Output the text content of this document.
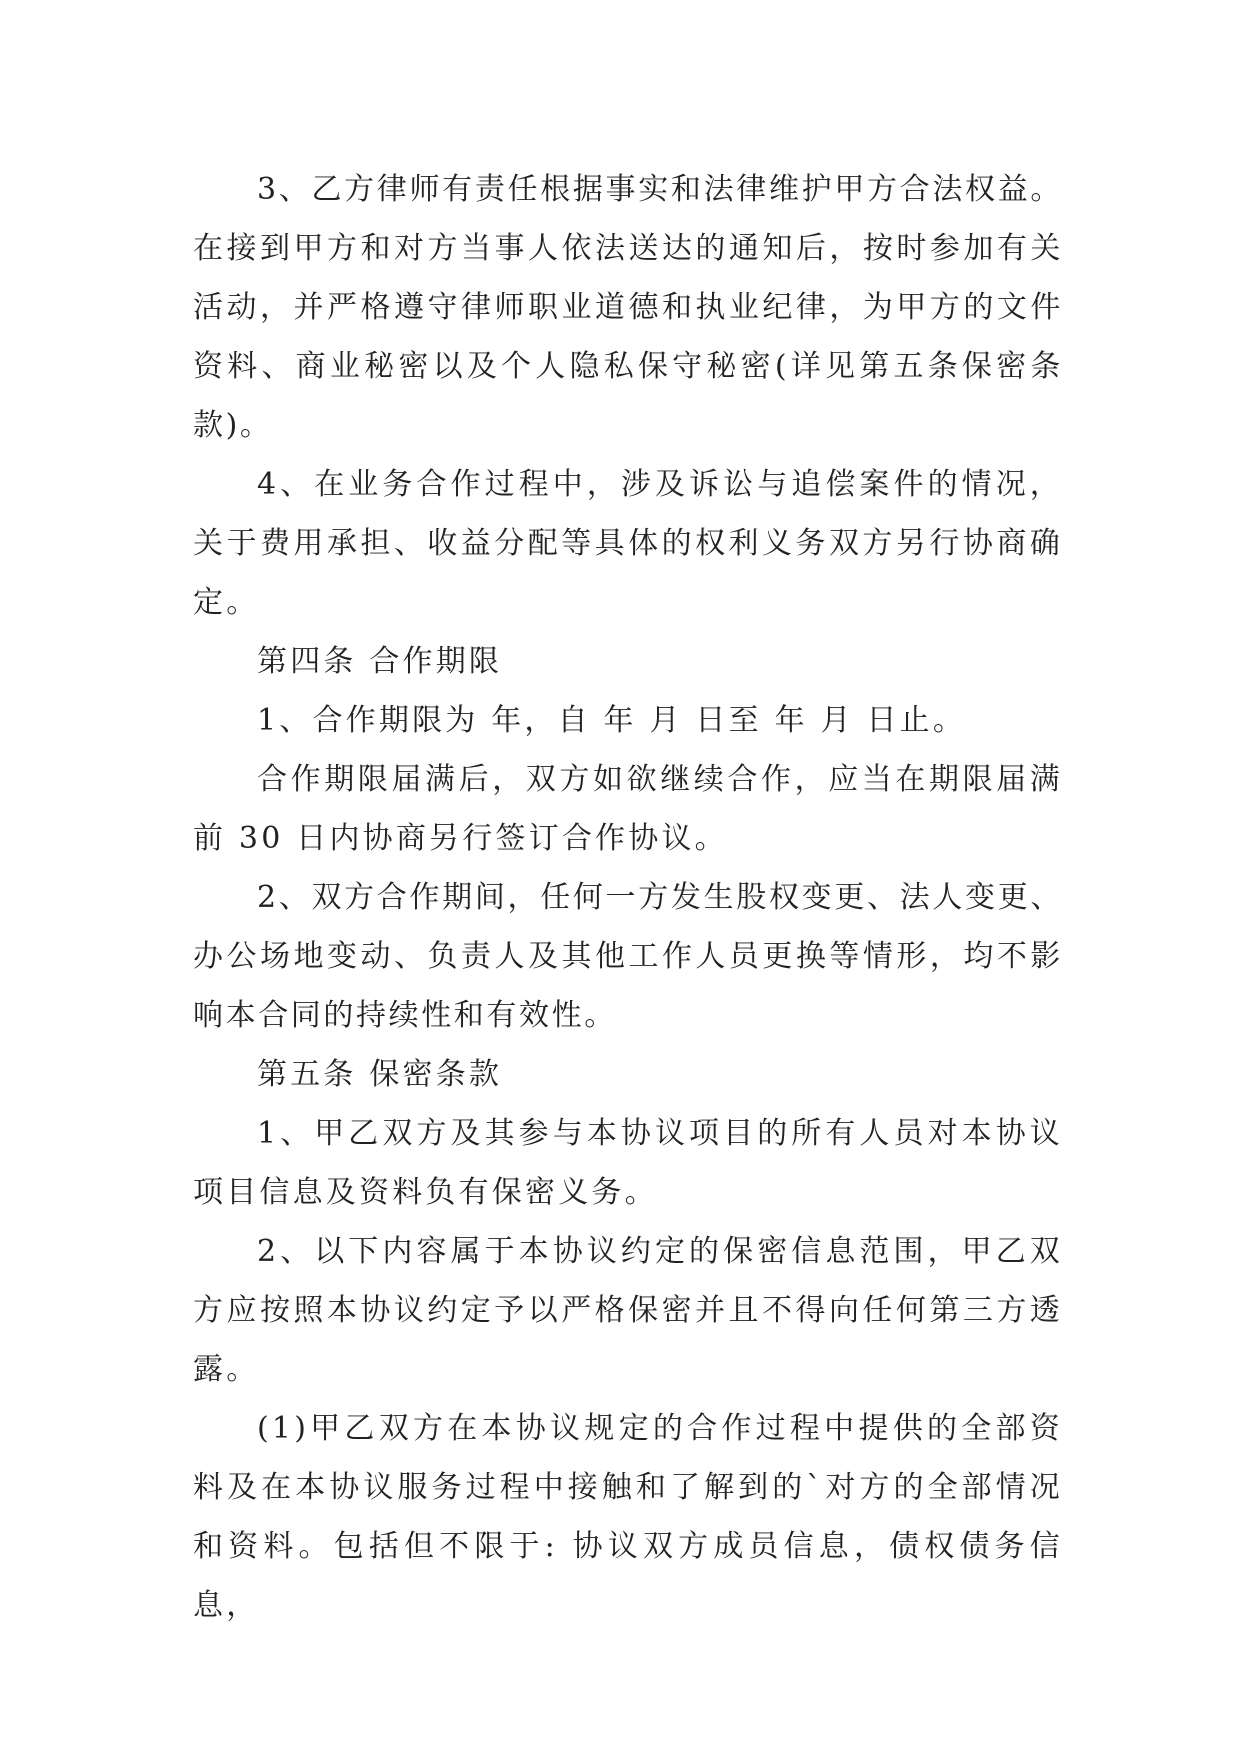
3、乙方律师有责任根据事实和法律维护甲方合法权益。在接到甲方和对方当事人依法送达的通知后，按时参加有关活动，并严格遵守律师职业道德和执业纪律，为甲方的文件资料、商业秘密以及个人隐私保守秘密(详见第五条保密条款)。

4、在业务合作过程中，涉及诉讼与追偿案件的情况，关于费用承担、收益分配等具体的权利义务双方另行协商确定。

第四条 合作期限

1、合作期限为 年，自 年 月 日至 年 月 日止。

合作期限届满后，双方如欲继续合作，应当在期限届满前 30 日内协商另行签订合作协议。

2、双方合作期间，任何一方发生股权变更、法人变更、办公场地变动、负责人及其他工作人员更换等情形，均不影响本合同的持续性和有效性。

第五条 保密条款

1、甲乙双方及其参与本协议项目的所有人员对本协议项目信息及资料负有保密义务。

2、以下内容属于本协议约定的保密信息范围，甲乙双方应按照本协议约定予以严格保密并且不得向任何第三方透露。

(1)甲乙双方在本协议规定的合作过程中提供的全部资料及在本协议服务过程中接触和了解到的`对方的全部情况和资料。包括但不限于: 协议双方成员信息，债权债务信息，
